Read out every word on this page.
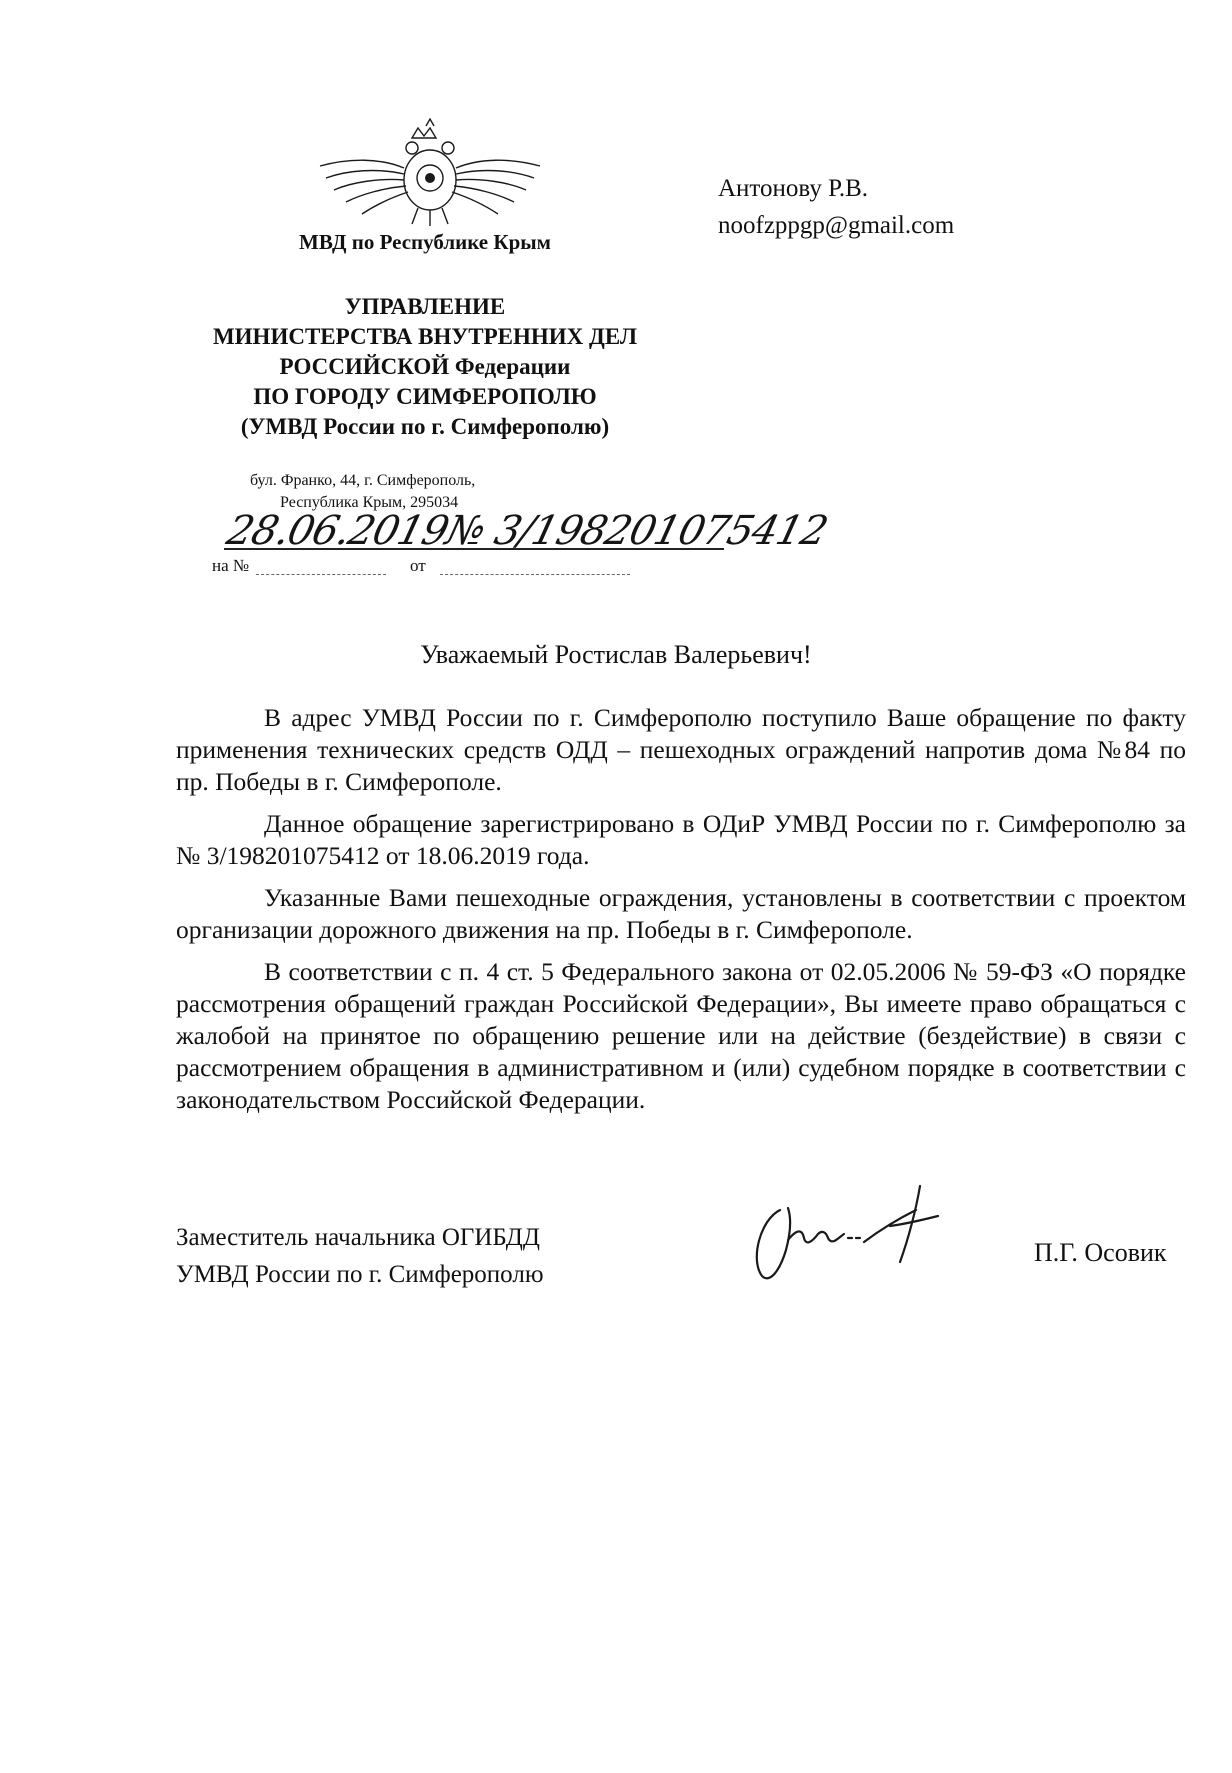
МВД по Республике Крым
УПРАВЛЕНИЕ
МИНИСТЕРСТВА ВНУТРЕННИХ ДЕЛ
РОССИЙСКОЙ Федерации
ПО ГОРОДУ СИМФЕРОПОЛЮ
(УМВД России по г. Симферополю)
бул. Франко, 44, г. Симферополь,
Республика Крым, 295034
28.06.2019№ 3/198201075412
на №	от
Антонову Р.В.
noofzppgp@gmail.com
Уважаемый Ростислав Валерьевич!

В адрес УМВД России по г. Симферополю поступило Ваше обращение по факту применения технических средств ОДД – пешеходных ограждений напротив дома №84 по пр. Победы в г. Симферополе.

Данное обращение зарегистрировано в ОДиР УМВД России по г. Симферополю за № 3/198201075412 от 18.06.2019 года.

Указанные Вами пешеходные ограждения, установлены в соответствии с проектом организации дорожного движения на пр. Победы в г. Симферополе.

В соответствии с п. 4 ст. 5 Федерального закона от 02.05.2006 № 59-ФЗ «О порядке рассмотрения обращений граждан Российской Федерации», Вы имеете право обращаться с жалобой на принятое по обращению решение или на действие (бездействие) в связи с рассмотрением обращения в административном и (или) судебном порядке в соответствии с законодательством Российской Федерации.

Заместитель начальника ОГИБДД
УМВД России по г. Симферополю
П.Г. Осовик
